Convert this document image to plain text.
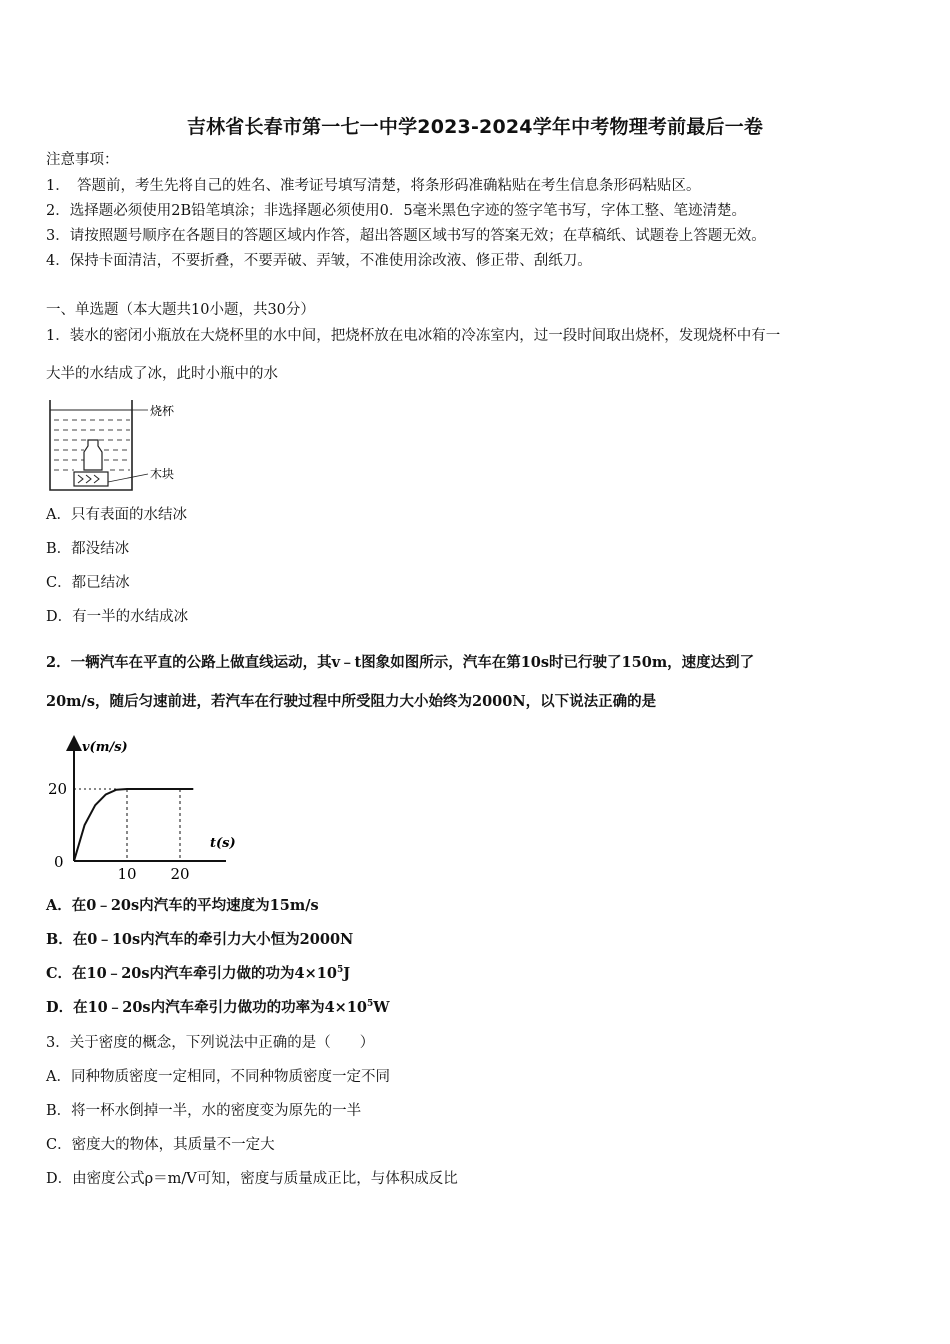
吉林省长春市第一七一中学2023-2024学年中考物理考前最后一卷
注意事项：
1．　答题前，考生先将自己的姓名、准考证号填写清楚，将条形码准确粘贴在考生信息条形码粘贴区。
2．选择题必须使用2B铅笔填涂；非选择题必须使用0．5毫米黑色字迹的签字笔书写，字体工整、笔迹清楚。
3．请按照题号顺序在各题目的答题区域内作答，超出答题区域书写的答案无效；在草稿纸、试题卷上答题无效。
4．保持卡面清洁，不要折叠，不要弄破、弄皱，不准使用涂改液、修正带、刮纸刀。
一、单选题（本大题共10小题，共30分）
1．装水的密闭小瓶放在大烧杯里的水中间，把烧杯放在电冰箱的冷冻室内，过一段时间取出烧杯，发现烧杯中有一
大半的水结成了冰，此时小瓶中的水
烧杯
木块
A．只有表面的水结冰
B．都没结冰
C．都已结冰
D．有一半的水结成冰
2．一辆汽车在平直的公路上做直线运动，其v﹣t图象如图所示，汽车在第10s时已行驶了150m，速度达到了
20m/s，随后匀速前进，若汽车在行驶过程中所受阻力大小始终为2000N，以下说法正确的是
v(m/s)
t(s)
0
20
10 20
A．在0﹣20s内汽车的平均速度为15m/s
B．在0﹣10s内汽车的牵引力大小恒为2000N
C．在10﹣20s内汽车牵引力做的功为$4\times 10^5J$
D．在10﹣20s内汽车牵引力做功的功率为$4\times 10^5W$
3．关于密度的概念，下列说法中正确的是（　　）
A．同种物质密度一定相同，不同种物质密度一定不同
B．将一杯水倒掉一半，水的密度变为原先的一半
C．密度大的物体，其质量不一定大
D．由密度公式ρ＝m/V可知，密度与质量成正比，与体积成反比
